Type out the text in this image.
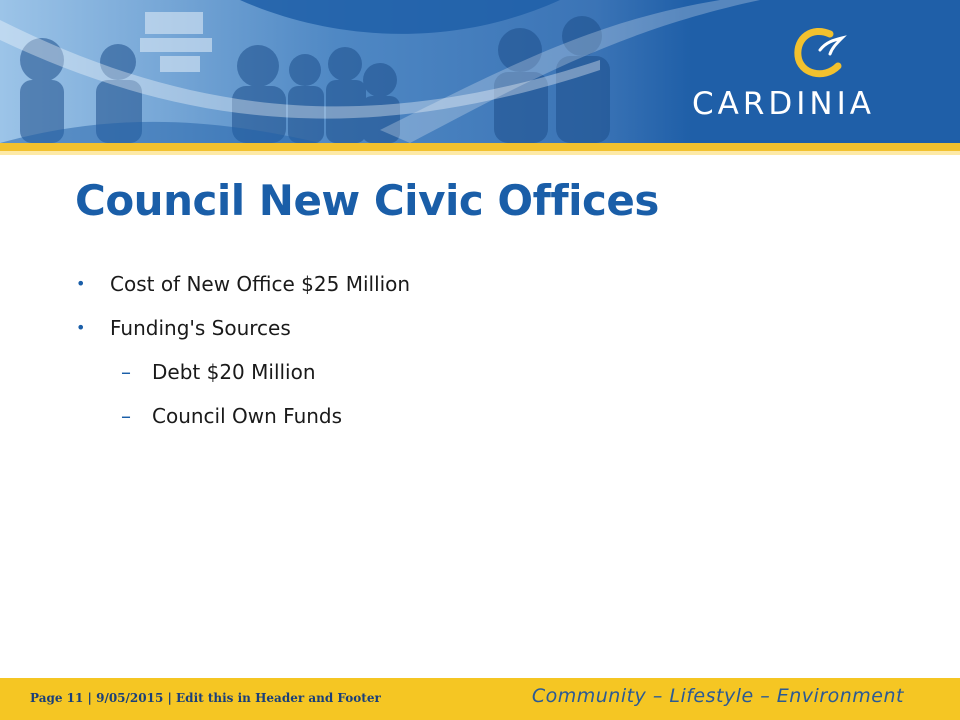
CARDINIA
Council New Civic Offices
• Cost of New Office $25 Million
• Funding's Sources
– Debt $20 Million
– Council Own Funds
Page 11 | 9/05/2015 | Edit this in Header and Footer	Community – Lifestyle – Environment
